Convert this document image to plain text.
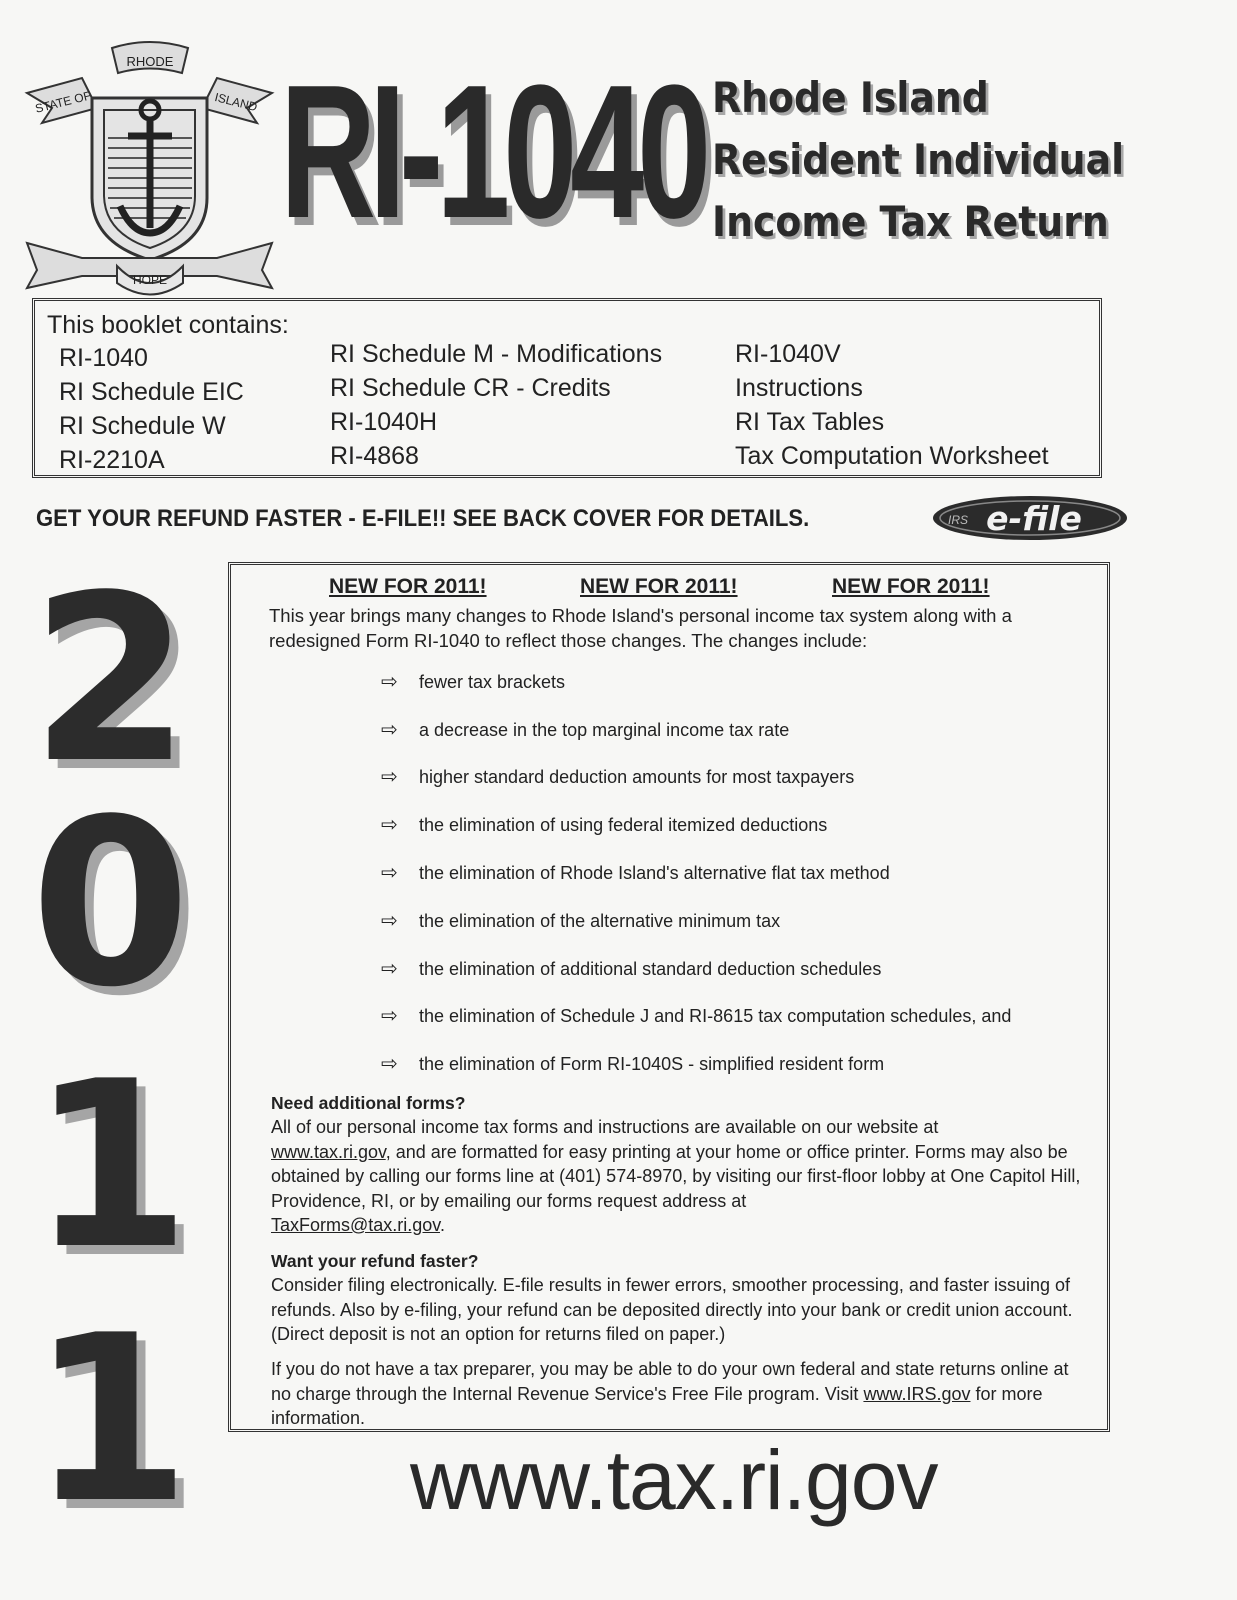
RHODE
STATE OF	ISLAND
HOPE
RI-1040 Rhode Island
Resident Individual
Income Tax Return
This booklet contains:
RI-1040
RI Schedule EIC
RI Schedule W
RI-2210A
RI Schedule M - Modifications
RI Schedule CR - Credits
RI-1040H
RI-4868
RI-1040V
Instructions
RI Tax Tables
Tax Computation Worksheet
GET YOUR REFUND FASTER - E-FILE!! SEE BACK COVER FOR DETAILS.	IRS e-file
2
0
1
1
NEW FOR 2011!	NEW FOR 2011!	NEW FOR 2011!
This year brings many changes to Rhode Island's personal income tax system along with a redesigned Form RI-1040 to reflect those changes. The changes include:
⇨ fewer tax brackets
⇨ a decrease in the top marginal income tax rate
⇨ higher standard deduction amounts for most taxpayers
⇨ the elimination of using federal itemized deductions
⇨ the elimination of Rhode Island's alternative flat tax method
⇨ the elimination of the alternative minimum tax
⇨ the elimination of additional standard deduction schedules
⇨ the elimination of Schedule J and RI-8615 tax computation schedules, and
⇨ the elimination of Form RI-1040S - simplified resident form
Need additional forms?
All of our personal income tax forms and instructions are available on our website at
www.tax.ri.gov, and are formatted for easy printing at your home or office printer. Forms may also be obtained by calling our forms line at (401) 574-8970, by visiting our first-floor lobby at One Capitol Hill, Providence, RI, or by emailing our forms request address at
TaxForms@tax.ri.gov.
Want your refund faster?
Consider filing electronically. E-file results in fewer errors, smoother processing, and faster issuing of refunds. Also by e-filing, your refund can be deposited directly into your bank or credit union account. (Direct deposit is not an option for returns filed on paper.)
If you do not have a tax preparer, you may be able to do your own federal and state returns online at no charge through the Internal Revenue Service's Free File program. Visit www.IRS.gov for more information.
www.tax.ri.gov
